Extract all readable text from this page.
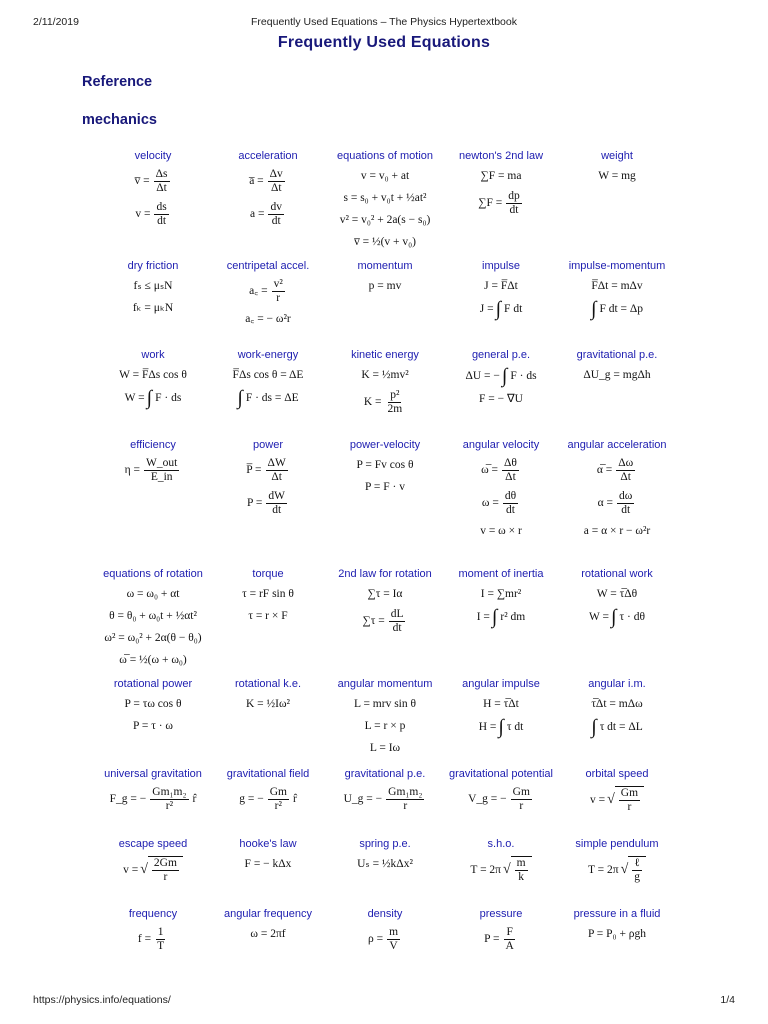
2/11/2019	Frequently Used Equations – The Physics Hypertextbook
Frequently Used Equations
Reference
mechanics
velocity
v̅ = $\frac{\Delta s}{\Delta t}$
$v = \frac{ds}{dt}$
acceleration
a̅ = $\frac{\Delta v}{\Delta t}$
$a = \frac{dv}{dt}$
equations of motion
v = v₀ + at
s = s₀ + v₀t + ½at²
v² = v₀² + 2a(s − s₀)
v̅ = ½(v + v₀)
newton's 2nd law
∑F = ma
$\sum F = \frac{dp}{dt}$
weight
W = mg
dry friction
fₛ ≤ μₛN
fₖ = μₖN
centripetal accel.
a꜀ = $\frac{\text{v²}}{r}$
a꜀ = − ω²r
momentum
p = mv
impulse
J = F̅Δt
J = ∫ F dt
impulse-momentum
F̅Δt = mΔv
∫ F dt = Δp
work
W = F̅Δs cos θ
W = ∫ F · ds
work-energy
F̅Δs cos θ = ΔE
∫ F · ds = ΔE
kinetic energy
K = ½mv²
$K = \frac{\text{p²}}{2m}$
general p.e.
ΔU = − ∫ F · ds
F = − ∇U
gravitational p.e.
ΔU_g = mgΔh
efficiency
η =
W_out
E_in
power
P̅ = $\frac{\Delta W}{\Delta t}$
$P = \frac{dW}{dt}$
power-velocity
P = Fv cos θ
P = F · v
angular velocity
ω̅ = $\frac{\Delta\theta}{\Delta t}$
$\omega = \frac{d\theta}{dt}$
v = ω × r
angular acceleration
α̅ = $\frac{\Delta\omega}{\Delta t}$
$\alpha = \frac{d\omega}{dt}$
a = α × r − ω²r
equations of rotation
ω = ω₀ + αt
θ = θ₀ + ω₀t + ½αt²
ω² = ω₀² + 2α(θ − θ₀)
ω̅ = ½(ω + ω₀)
torque
τ = rF sin θ
τ = r × F
2nd law for rotation
∑τ = Iα
$\sum\tau = \frac{dL}{dt}$
moment of inertia
I = ∑mr²
I = ∫ r² dm
rotational work
W = τ̅Δθ
W = ∫ τ · dθ
rotational power
P = τω cos θ
P = τ · ω
rotational k.e.
K = ½Iω²
angular momentum
L = mrv sin θ
L = r × p
L = Iω
angular impulse
H = τ̅Δt
H = ∫ τ dt
angular i.m.
τ̅Δt = mΔω
∫ τ dt = ΔL
universal gravitation
F_g = − $\frac{\text{Gm₁m₂}}{\text{r²}}$ r̂
gravitational field
g = − $\frac{Gm}{\text{r²}}$ r̂
gravitational p.e.
U_g = − $\frac{\text{Gm₁m₂}}{r}$
gravitational potential
V_g = − $\frac{Gm}{r}$
orbital speed
v = √ $\frac{Gm}{r}$
escape speed
v = √ $\frac{2Gm}{r}$
hooke's law
F = − kΔx
spring p.e.
Uₛ = ½kΔx²
s.h.o.
T = 2π √ $\frac{m}{k}$
simple pendulum
T = 2π √ ℓ
g
frequency
$f = \frac{1}{T}$
angular frequency
ω = 2πf
density
$\rho = \frac{m}{V}$
pressure
$P = \frac{F}{A}$
pressure in a fluid
P = P₀ + ρgh
https://physics.info/equations/	1/4
